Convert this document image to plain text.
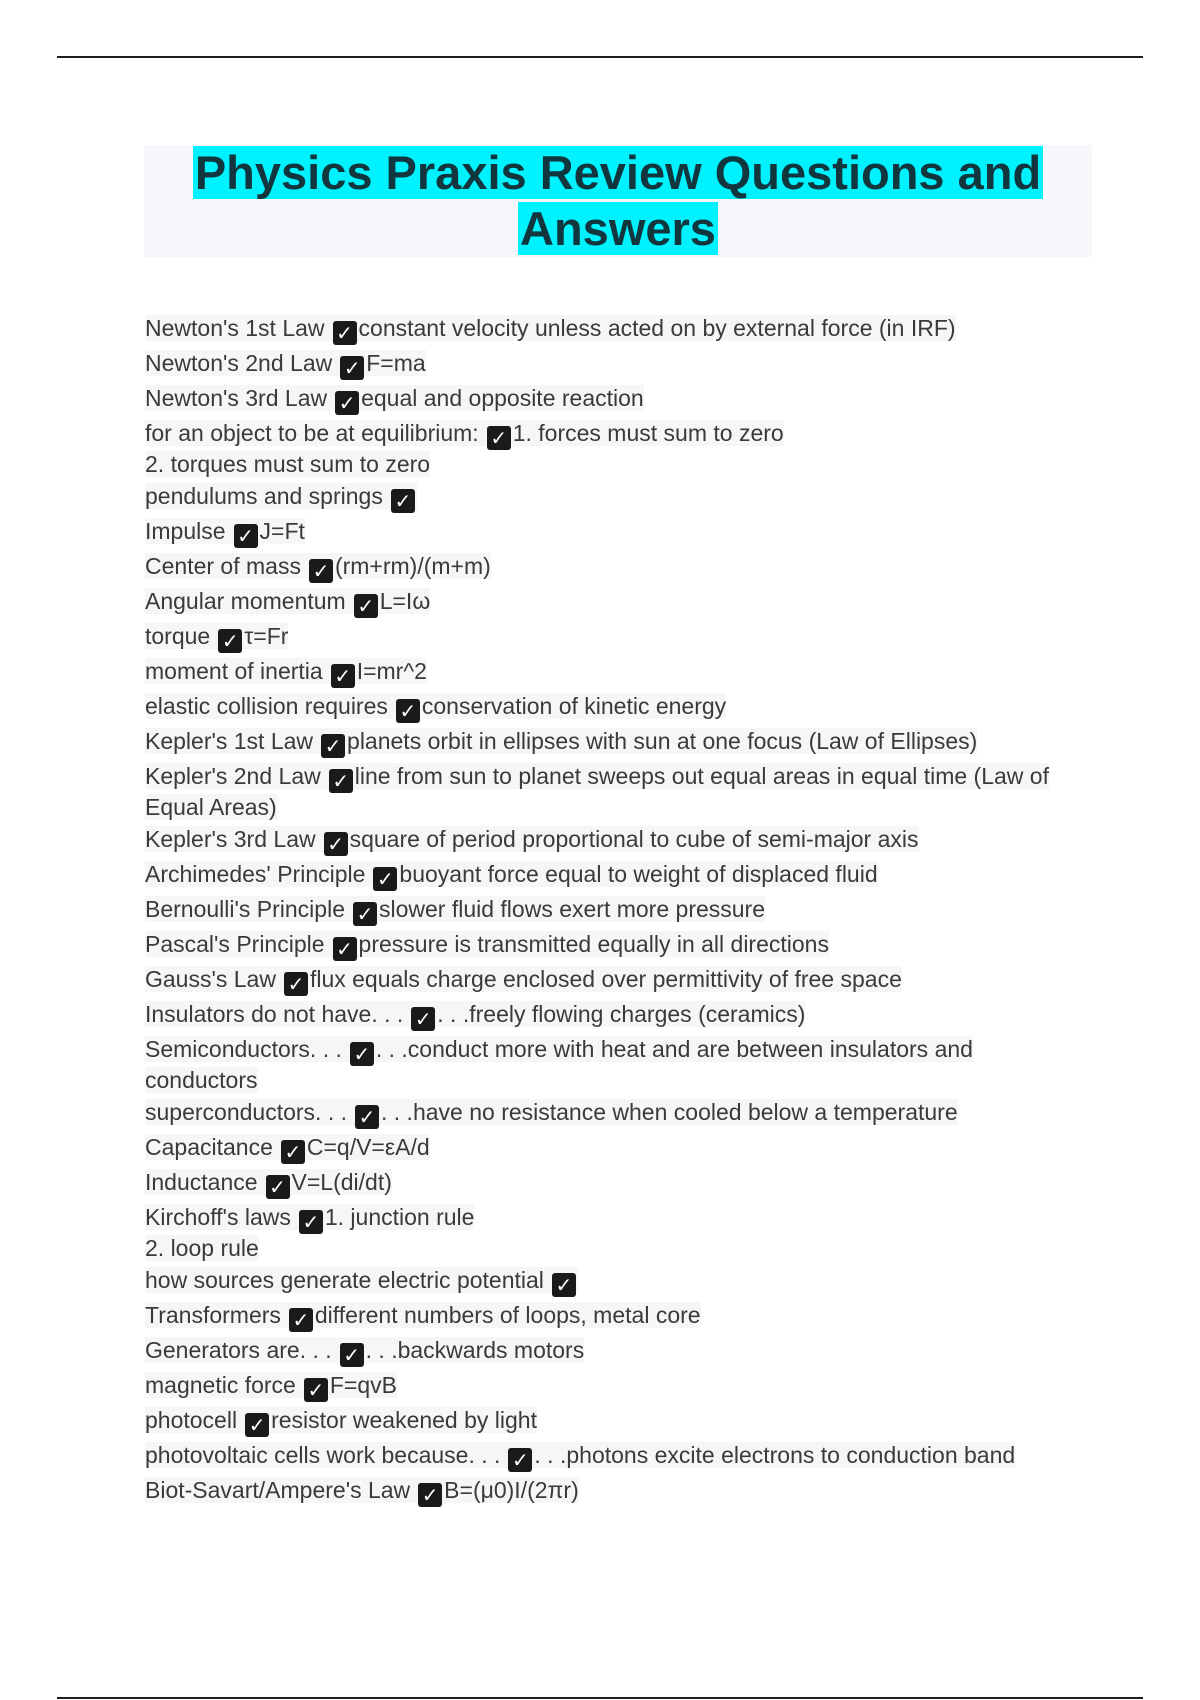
Physics Praxis Review Questions and
Answers
Newton's 1st Law ✓ constant velocity unless acted on by external force (in IRF)
Newton's 2nd Law ✓ F=ma
Newton's 3rd Law ✓ equal and opposite reaction
for an object to be at equilibrium: ✓ 1. forces must sum to zero
2. torques must sum to zero
pendulums and springs ✓
Impulse ✓ J=Ft
Center of mass ✓ (rm+rm)/(m+m)
Angular momentum ✓ L=Iω
torque ✓ τ=Fr
moment of inertia ✓ I=mr^2
elastic collision requires ✓ conservation of kinetic energy
Kepler's 1st Law ✓ planets orbit in ellipses with sun at one focus (Law of Ellipses)
Kepler's 2nd Law ✓ line from sun to planet sweeps out equal areas in equal time (Law of Equal Areas)
Kepler's 3rd Law ✓ square of period proportional to cube of semi-major axis
Archimedes' Principle ✓ buoyant force equal to weight of displaced fluid
Bernoulli's Principle ✓ slower fluid flows exert more pressure
Pascal's Principle ✓ pressure is transmitted equally in all directions
Gauss's Law ✓ flux equals charge enclosed over permittivity of free space
Insulators do not have. . . ✓ . . .freely flowing charges (ceramics)
Semiconductors. . . ✓ . . .conduct more with heat and are between insulators and conductors
superconductors. . . ✓ . . .have no resistance when cooled below a temperature
Capacitance ✓ C=q/V=εA/d
Inductance ✓ V=L(di/dt)
Kirchoff's laws ✓ 1. junction rule
2. loop rule
how sources generate electric potential ✓
Transformers ✓ different numbers of loops, metal core
Generators are. . . ✓ . . .backwards motors
magnetic force ✓ F=qvB
photocell ✓ resistor weakened by light
photovoltaic cells work because. . . ✓ . . .photons excite electrons to conduction band
Biot-Savart/Ampere's Law ✓ B=(μ0)I/(2πr)
